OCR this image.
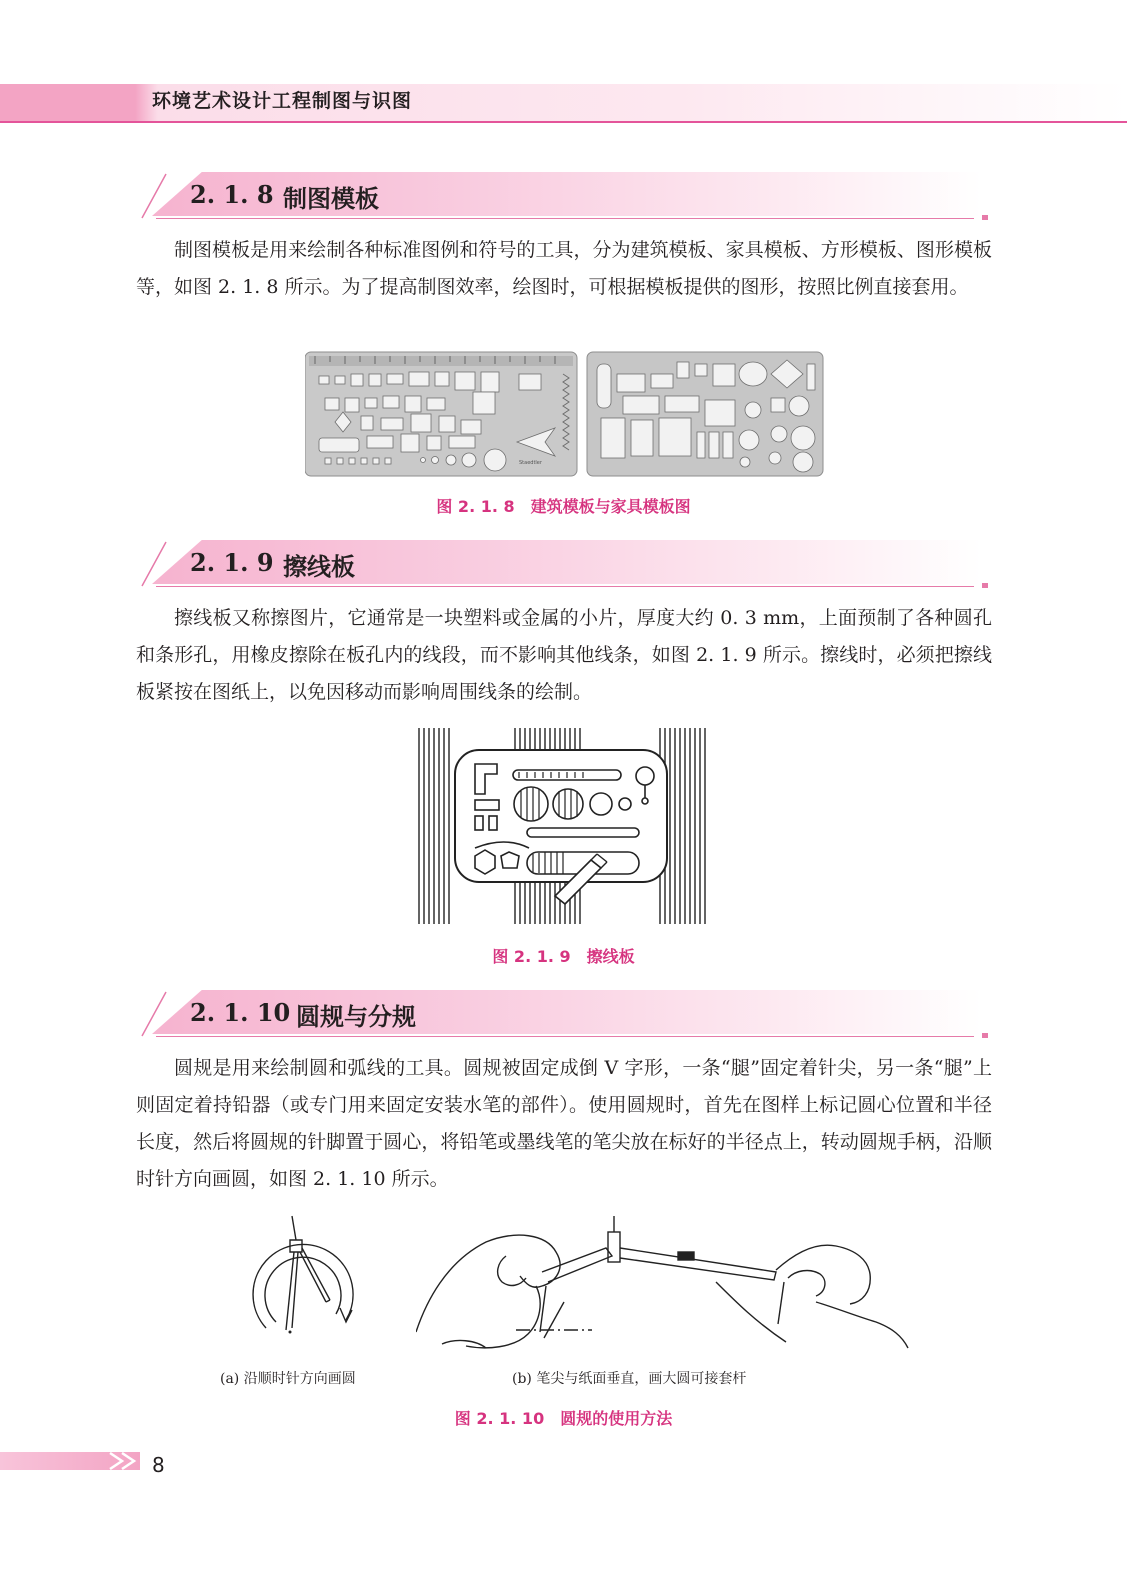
环境艺术设计工程制图与识图
2. 1. 8 制图模板
制图模板是用来绘制各种标准图例和符号的工具，分为建筑模板、家具模板、方形模板、图形模板等，如图 2. 1. 8 所示。为了提高制图效率，绘图时，可根据模板提供的图形，按照比例直接套用。
Staedtler
图 2. 1. 8　建筑模板与家具模板图
2. 1. 9 擦线板
擦线板又称擦图片，它通常是一块塑料或金属的小片，厚度大约 0. 3 mm，上面预制了各种圆孔和条形孔，用橡皮擦除在板孔内的线段，而不影响其他线条，如图 2. 1. 9 所示。擦线时，必须把擦线板紧按在图纸上，以免因移动而影响周围线条的绘制。
图 2. 1. 9　擦线板
2. 1. 10 圆规与分规
圆规是用来绘制圆和弧线的工具。圆规被固定成倒 V 字形，一条“腿”固定着针尖，另一条“腿”上则固定着持铅器（或专门用来固定安装水笔的部件）。使用圆规时，首先在图样上标记圆心位置和半径长度，然后将圆规的针脚置于圆心，将铅笔或墨线笔的笔尖放在标好的半径点上，转动圆规手柄，沿顺时针方向画圆，如图 2. 1. 10 所示。
(a) 沿顺时针方向画圆	(b) 笔尖与纸面垂直，画大圆可接套杆
图 2. 1. 10　圆规的使用方法
8
